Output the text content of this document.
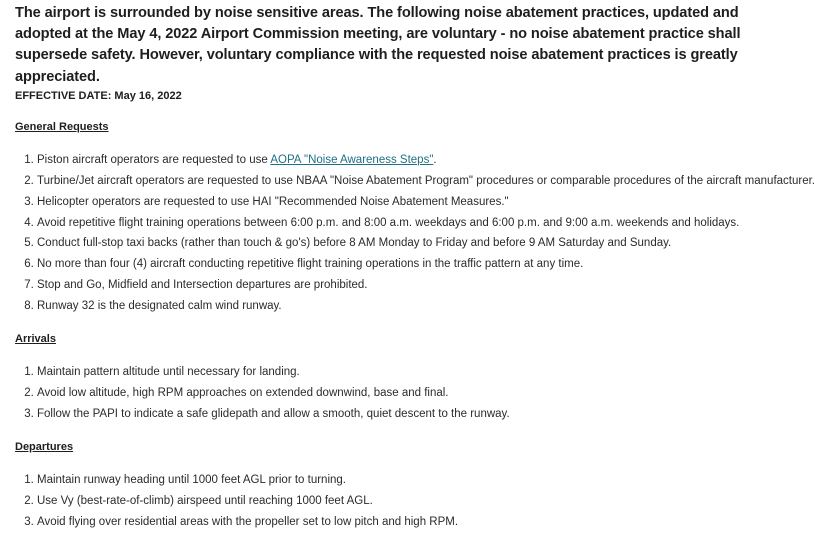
The airport is surrounded by noise sensitive areas. The following noise abatement practices, updated and adopted at the May 4, 2022 Airport Commission meeting, are voluntary - no noise abatement practice shall supersede safety. However, voluntary compliance with the requested noise abatement practices is greatly appreciated.

EFFECTIVE DATE: May 16, 2022

General Requests

1. Piston aircraft operators are requested to use AOPA "Noise Awareness Steps".
2. Turbine/Jet aircraft operators are requested to use NBAA "Noise Abatement Program" procedures or comparable procedures of the aircraft manufacturer.
3. Helicopter operators are requested to use HAI "Recommended Noise Abatement Measures."
4. Avoid repetitive flight training operations between 6:00 p.m. and 8:00 a.m. weekdays and 6:00 p.m. and 9:00 a.m. weekends and holidays.
5. Conduct full-stop taxi backs (rather than touch & go's) before 8 AM Monday to Friday and before 9 AM Saturday and Sunday.
6. No more than four (4) aircraft conducting repetitive flight training operations in the traffic pattern at any time.
7. Stop and Go, Midfield and Intersection departures are prohibited.
8. Runway 32 is the designated calm wind runway.

Arrivals

1. Maintain pattern altitude until necessary for landing.
2. Avoid low altitude, high RPM approaches on extended downwind, base and final.
3. Follow the PAPI to indicate a safe glidepath and allow a smooth, quiet descent to the runway.

Departures

1. Maintain runway heading until 1000 feet AGL prior to turning.
2. Use Vy (best-rate-of-climb) airspeed until reaching 1000 feet AGL.
3. Avoid flying over residential areas with the propeller set to low pitch and high RPM.
